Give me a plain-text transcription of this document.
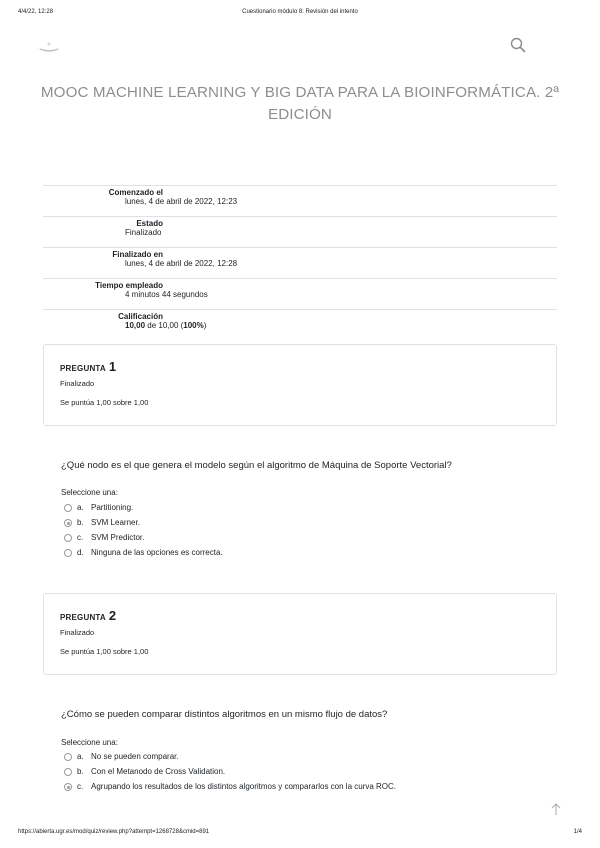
4/4/22, 12:28	Cuestionario módulo 8: Revisión del intento
MOOC MACHINE LEARNING Y BIG DATA PARA LA BIOINFORMÁTICA. 2ª EDICIÓN
Comenzado el
lunes, 4 de abril de 2022, 12:23
Estado
Finalizado
Finalizado en
lunes, 4 de abril de 2022, 12:28
Tiempo empleado
4 minutos 44 segundos
Calificación
10,00 de 10,00 (100%)
PREGUNTA 1
Finalizado
Se puntúa 1,00 sobre 1,00
¿Qué nodo es el que genera el modelo según el algoritmo de Máquina de Soporte Vectorial?
Seleccione una:
a. Partitioning.
b. SVM Learner.
c. SVM Predictor.
d. Ninguna de las opciones es correcta.
PREGUNTA 2
Finalizado
Se puntúa 1,00 sobre 1,00
¿Cómo se pueden comparar distintos algoritmos en un mismo flujo de datos?
Seleccione una:
a. No se pueden comparar.
b. Con el Metanodo de Cross Validation.
c. Agrupando los resultados de los distintos algoritmos y compararlos con la curva ROC.
https://abierta.ugr.es/mod/quiz/review.php?attempt=1268728&cmid=891	1/4
